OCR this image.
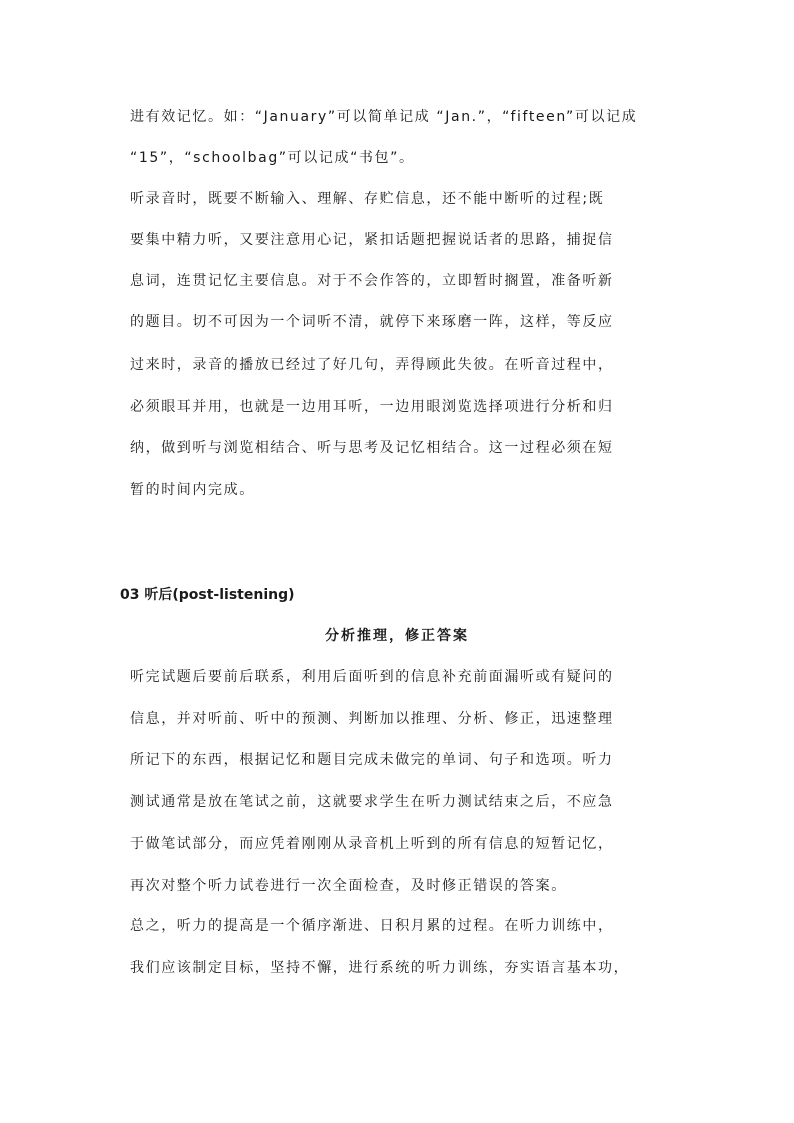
进有效记忆。如：“January”可以简单记成 “Jan.”，“fifteen”可以记成
“15”，“schoolbag”可以记成“书包”。
听录音时，既要不断输入、理解、存贮信息，还不能中断听的过程;既
要集中精力听，又要注意用心记，紧扣话题把握说话者的思路，捕捉信
息词，连贯记忆主要信息。对于不会作答的，立即暂时搁置，准备听新
的题目。切不可因为一个词听不清，就停下来琢磨一阵，这样，等反应
过来时，录音的播放已经过了好几句，弄得顾此失彼。在听音过程中，
必须眼耳并用，也就是一边用耳听，一边用眼浏览选择项进行分析和归
纳，做到听与浏览相结合、听与思考及记忆相结合。这一过程必须在短
暂的时间内完成。
03 听后(post-listening)
分析推理，修正答案
听完试题后要前后联系，利用后面听到的信息补充前面漏听或有疑问的
信息，并对听前、听中的预测、判断加以推理、分析、修正，迅速整理
所记下的东西，根据记忆和题目完成未做完的单词、句子和选项。听力
测试通常是放在笔试之前，这就要求学生在听力测试结束之后，不应急
于做笔试部分，而应凭着刚刚从录音机上听到的所有信息的短暂记忆，
再次对整个听力试卷进行一次全面检查，及时修正错误的答案。
总之，听力的提高是一个循序渐进、日积月累的过程。在听力训练中，
我们应该制定目标，坚持不懈，进行系统的听力训练，夯实语言基本功，
